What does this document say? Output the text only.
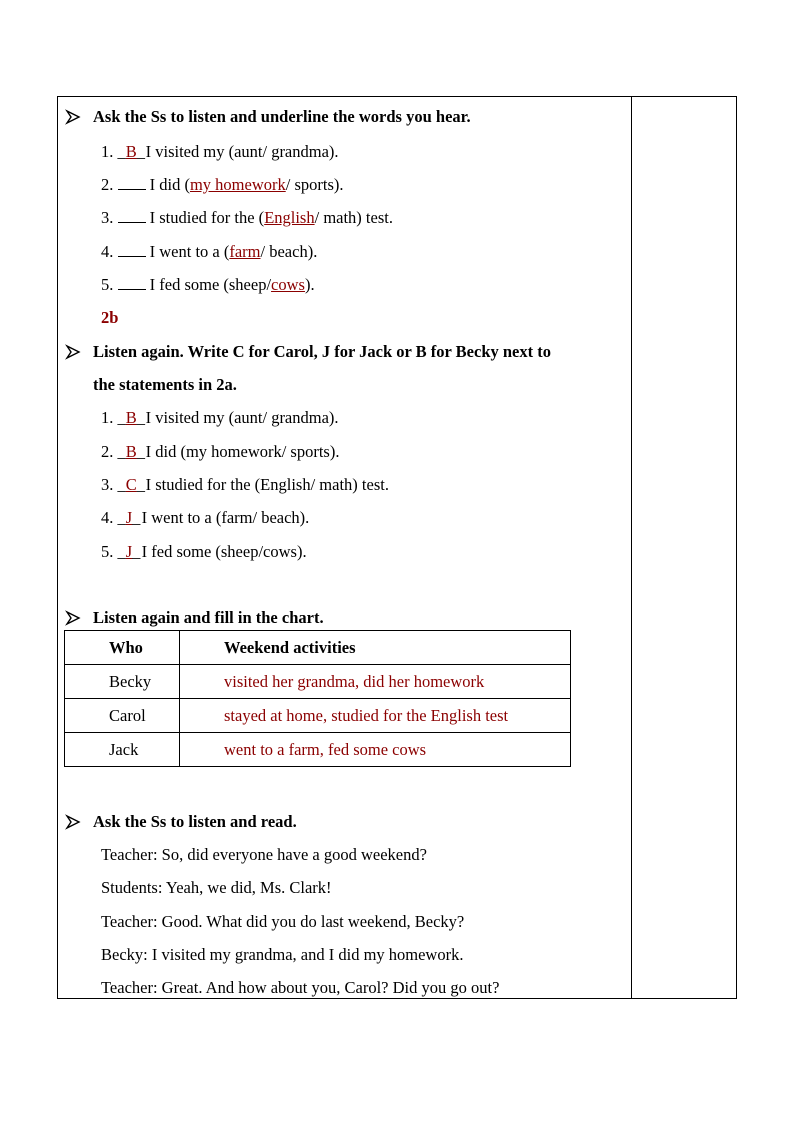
Ask the Ss to listen and underline the words you hear.
1. _B_ I visited my (aunt/ grandma).
2. I did (my homework/ sports).
3. I studied for the (English/ math) test.
4. I went to a (farm/ beach).
5. I fed some (sheep/cows).
2b
Listen again. Write C for Carol, J for Jack or B for Becky next to
the statements in 2a.
1. _B_ I visited my (aunt/ grandma).
2. _B_ I did (my homework/ sports).
3. _C_ I studied for the (English/ math) test.
4. _J_ I went to a (farm/ beach).
5. _J_ I fed some (sheep/cows).
Listen again and fill in the chart.
Who	Weekend activities
Becky	visited her grandma, did her homework
Carol	stayed at home, studied for the English test
Jack	went to a farm, fed some cows
Ask the Ss to listen and read.
Teacher: So, did everyone have a good weekend?
Students: Yeah, we did, Ms. Clark!
Teacher: Good. What did you do last weekend, Becky?
Becky: I visited my grandma, and I did my homework.
Teacher: Great. And how about you, Carol? Did you go out?
